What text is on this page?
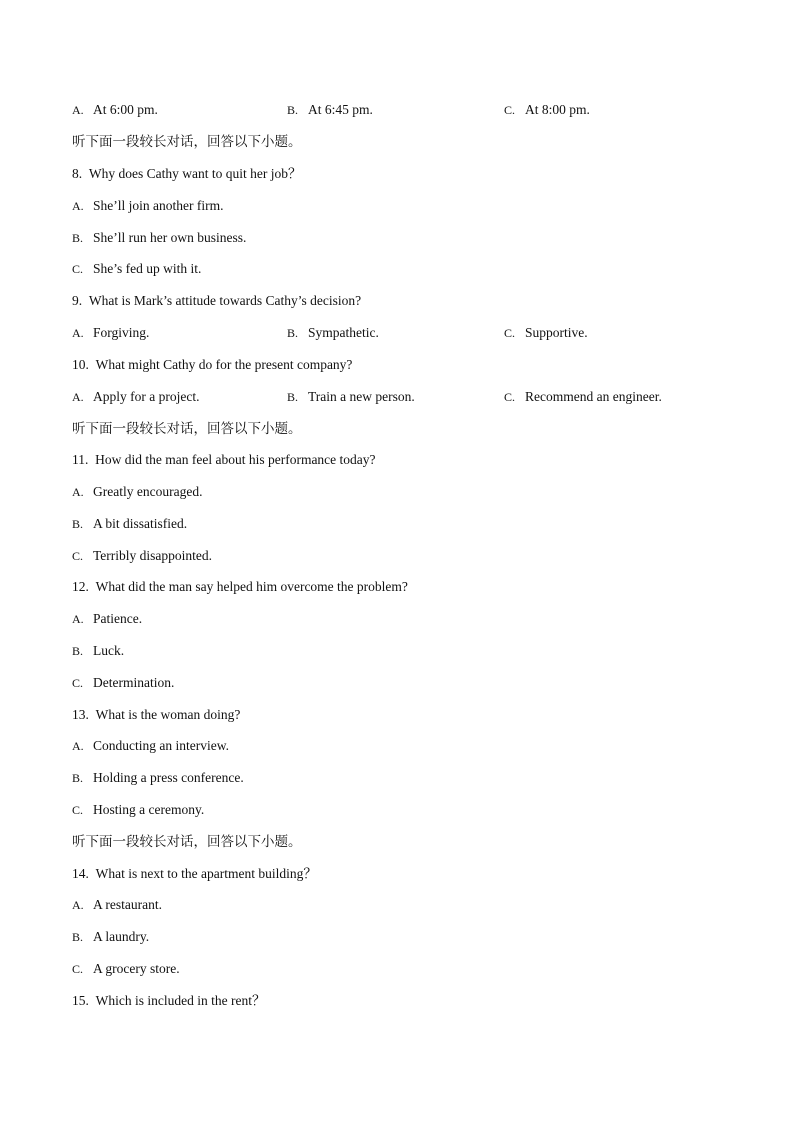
A. At 6:00 pm.	B. At 6:45 pm.	C. At 8:00 pm.
听下面一段较长对话，回答以下小题。
8. Why does Cathy want to quit her job？
A. She’ll join another firm.
B. She’ll run her own business.
C. She’s fed up with it.
9. What is Mark’s attitude towards Cathy’s decision?
A. Forgiving.	B. Sympathetic.	C. Supportive.
10. What might Cathy do for the present company?
A. Apply for a project.	B. Train a new person.	C. Recommend an engineer.
听下面一段较长对话，回答以下小题。
11. How did the man feel about his performance today?
A. Greatly encouraged.
B. A bit dissatisfied.
C. Terribly disappointed.
12. What did the man say helped him overcome the problem?
A. Patience.
B. Luck.
C. Determination.
13. What is the woman doing?
A. Conducting an interview.
B. Holding a press conference.
C. Hosting a ceremony.
听下面一段较长对话，回答以下小题。
14. What is next to the apartment building？
A. A restaurant.
B. A laundry.
C. A grocery store.
15. Which is included in the rent？
